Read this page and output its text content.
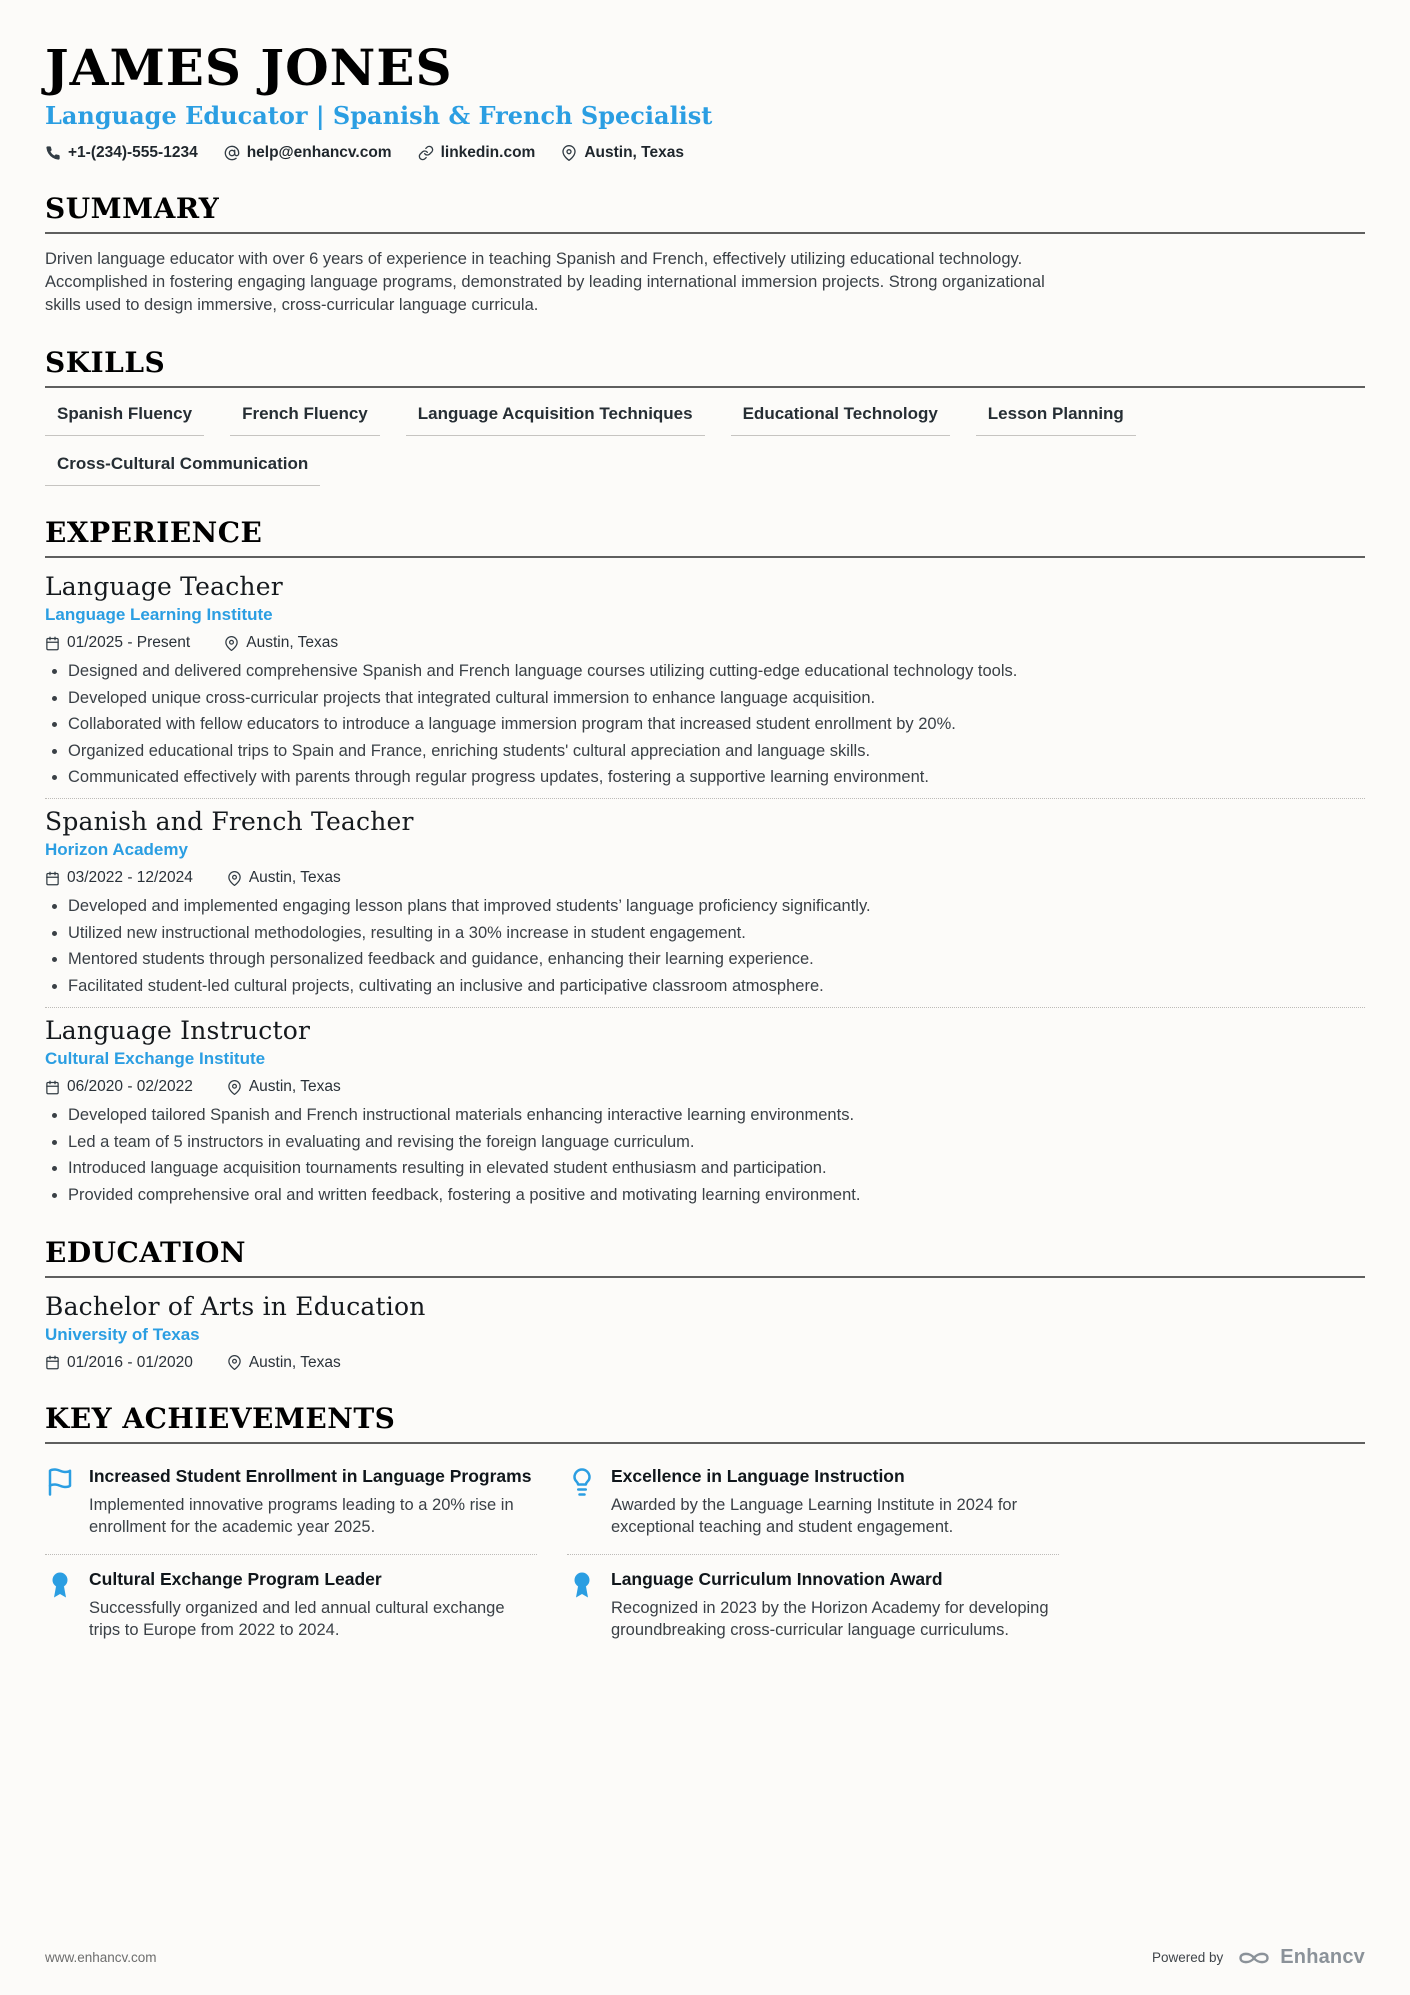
JAMES JONES
Language Educator | Spanish & French Specialist
+1-(234)-555-1234	help@enhancv.com	linkedin.com	Austin, Texas
SUMMARY

Driven language educator with over 6 years of experience in teaching Spanish and French, effectively utilizing educational technology. Accomplished in fostering engaging language programs, demonstrated by leading international immersion projects. Strong organizational skills used to design immersive, cross-curricular language curricula.

SKILLS
Spanish Fluency	French Fluency	Language Acquisition Techniques	Educational Technology	Lesson Planning
Cross-Cultural Communication
EXPERIENCE
Language Teacher
Language Learning Institute
01/2025 - Present	Austin, Texas
Designed and delivered comprehensive Spanish and French language courses utilizing cutting-edge educational technology tools.
Developed unique cross-curricular projects that integrated cultural immersion to enhance language acquisition.
Collaborated with fellow educators to introduce a language immersion program that increased student enrollment by 20%.
Organized educational trips to Spain and France, enriching students' cultural appreciation and language skills.
Communicated effectively with parents through regular progress updates, fostering a supportive learning environment.
Spanish and French Teacher
Horizon Academy
03/2022 - 12/2024	Austin, Texas
Developed and implemented engaging lesson plans that improved students’ language proficiency significantly.
Utilized new instructional methodologies, resulting in a 30% increase in student engagement.
Mentored students through personalized feedback and guidance, enhancing their learning experience.
Facilitated student-led cultural projects, cultivating an inclusive and participative classroom atmosphere.
Language Instructor
Cultural Exchange Institute
06/2020 - 02/2022	Austin, Texas
Developed tailored Spanish and French instructional materials enhancing interactive learning environments.
Led a team of 5 instructors in evaluating and revising the foreign language curriculum.
Introduced language acquisition tournaments resulting in elevated student enthusiasm and participation.
Provided comprehensive oral and written feedback, fostering a positive and motivating learning environment.
EDUCATION
Bachelor of Arts in Education
University of Texas
01/2016 - 01/2020	Austin, Texas
KEY ACHIEVEMENTS
Increased Student Enrollment in Language Programs
Implemented innovative programs leading to a 20% rise in enrollment for the academic year 2025.
Excellence in Language Instruction
Awarded by the Language Learning Institute in 2024 for exceptional teaching and student engagement.
Cultural Exchange Program Leader
Successfully organized and led annual cultural exchange trips to Europe from 2022 to 2024.
Language Curriculum Innovation Award
Recognized in 2023 by the Horizon Academy for developing groundbreaking cross-curricular language curriculums.
www.enhancv.com	Powered by	Enhancv
